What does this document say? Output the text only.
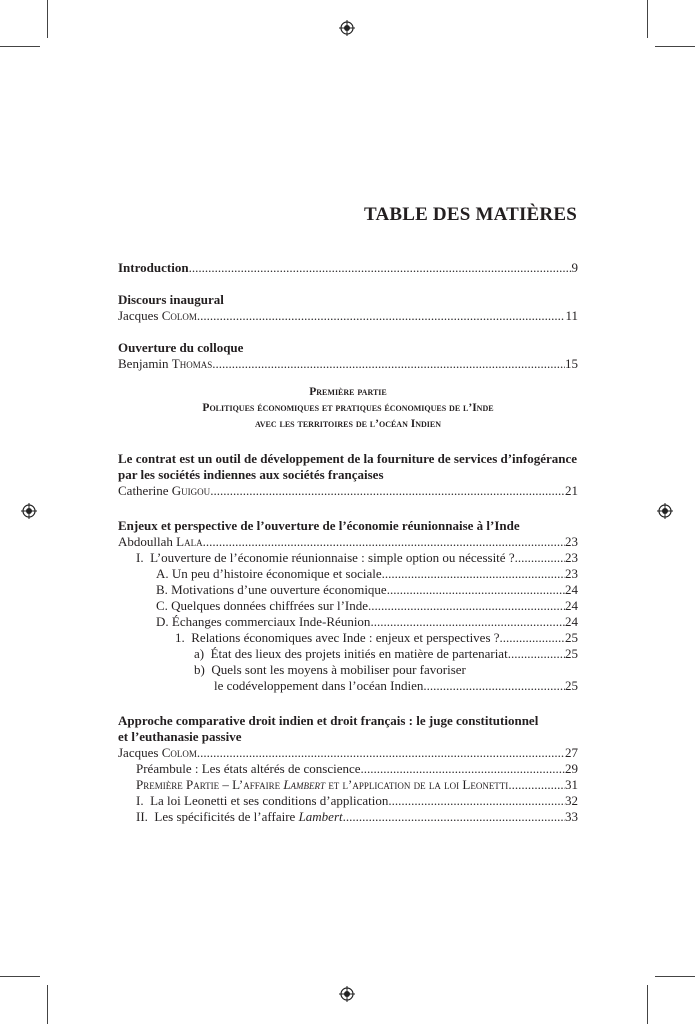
TABLE DES MATIÈRES
Introduction .....	9
Discours inaugural
Jacques Colom .....	11
Ouverture du colloque
Benjamin Thomas .....	15
Première partie
Politiques économiques et pratiques économiques de l’Inde
avec les territoires de l’océan Indien
Le contrat est un outil de développement de la fourniture de services d’infogérance
par les sociétés indiennes aux sociétés françaises
Catherine Guigou .....	21
Enjeux et perspective de l’ouverture de l’économie réunionnaise à l’Inde
Abdoullah Lala .....	23
I. L’ouverture de l’économie réunionnaise : simple option ou nécessité ? .....	23
A. Un peu d’histoire économique et sociale .....	23
B. Motivations d’une ouverture économique .....	24
C. Quelques données chiffrées sur l’Inde .....	24
D. Échanges commerciaux Inde-Réunion .....	24
1. Relations économiques avec Inde : enjeux et perspectives ? .....	25
a) État des lieux des projets initiés en matière de partenariat .....	25
b) Quels sont les moyens à mobiliser pour favoriser
le codéveloppement dans l’océan Indien .....	25
Approche comparative droit indien et droit français : le juge constitutionnel
et l’euthanasie passive
Jacques Colom .....	27
Préambule : Les états altérés de conscience .....	29
Première Partie – L’affaire Lambert et l’application de la loi Leonetti .....	31
I. La loi Leonetti et ses conditions d’application .....	32
II. Les spécificités de l’affaire Lambert .....	33
